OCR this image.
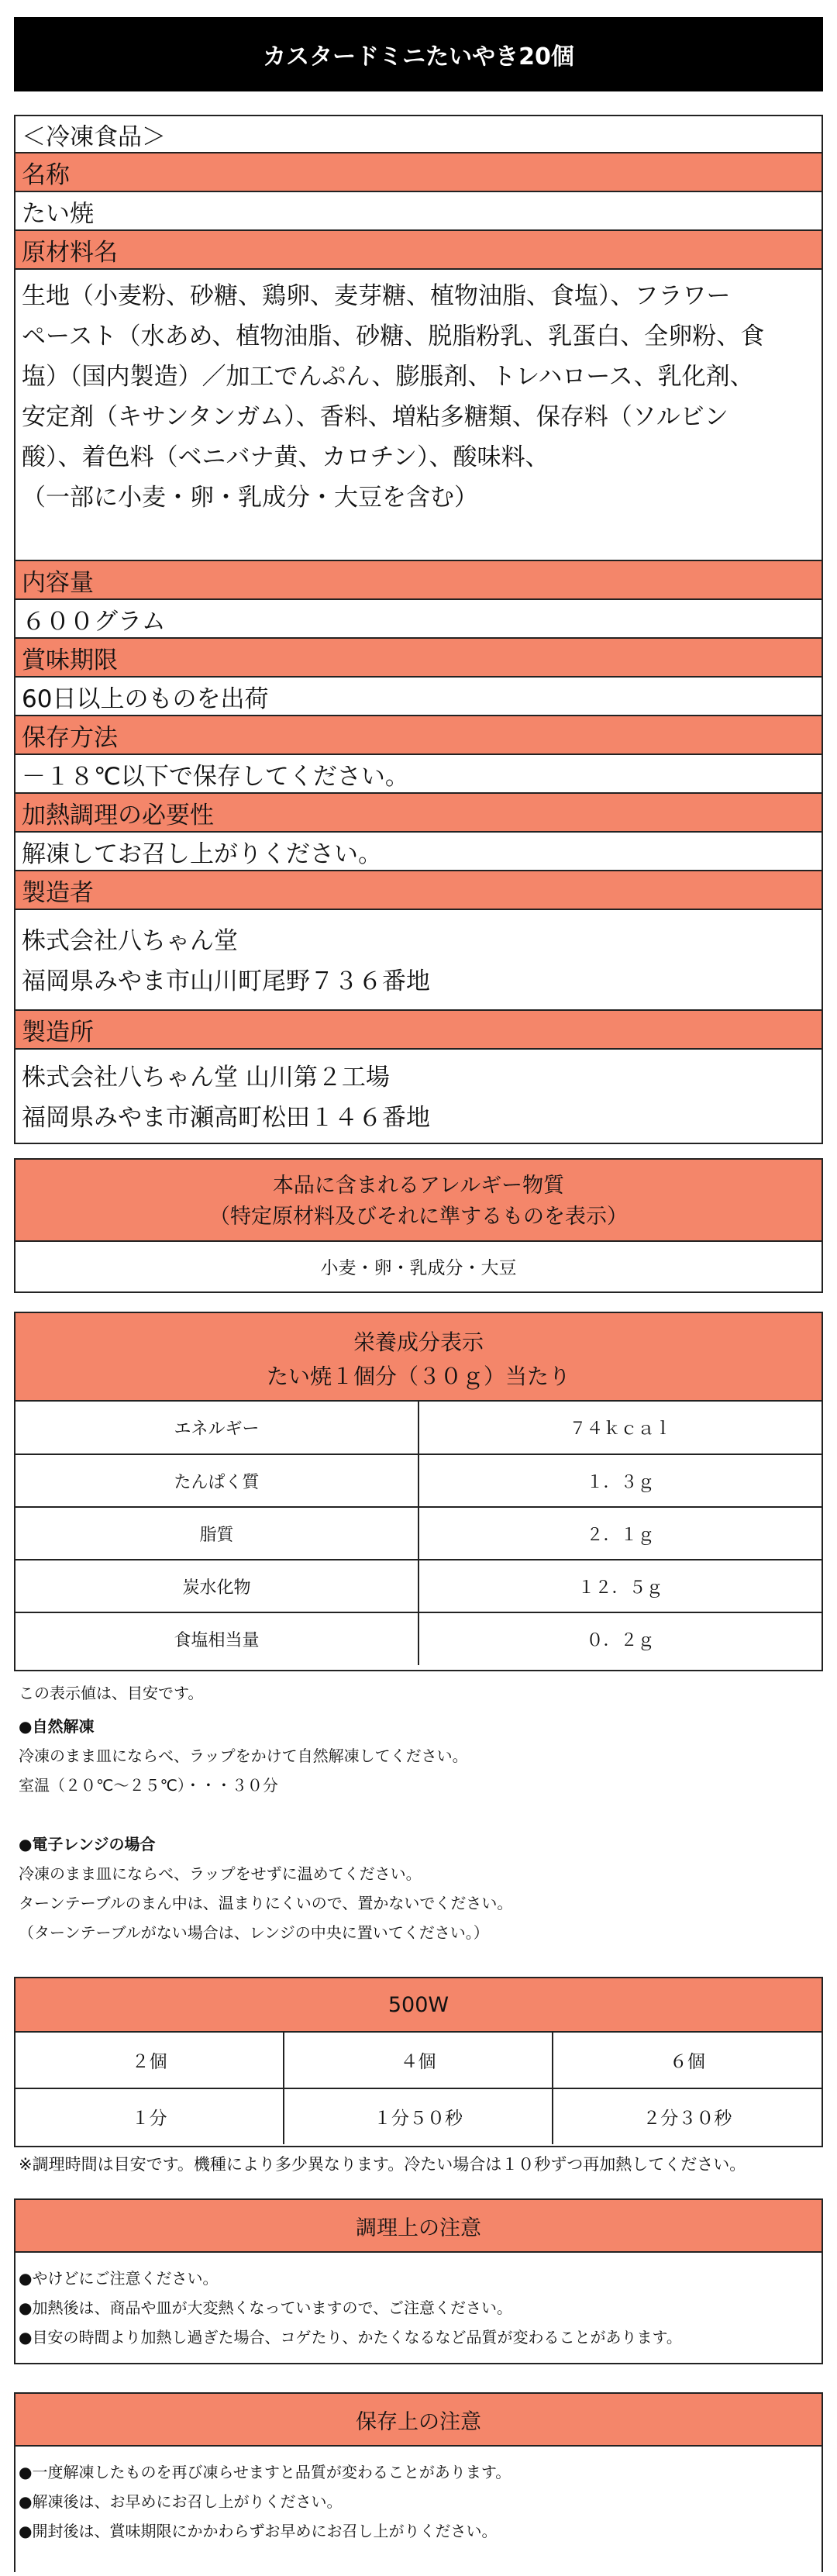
カスタードミニたいやき20個
＜冷凍食品＞
名称
たい焼
原材料名
生地（小麦粉、砂糖、鶏卵、麦芽糖、植物油脂、食塩）、フラワー
ペースト（水あめ、植物油脂、砂糖、脱脂粉乳、乳蛋白、全卵粉、食
塩）（国内製造）／加工でんぷん、膨脹剤、トレハロース、乳化剤、
安定剤（キサンタンガム）、香料、増粘多糖類、保存料（ソルビン
酸）、着色料（ベニバナ黄、カロチン）、酸味料、
（一部に小麦・卵・乳成分・大豆を含む）
内容量
６００グラム
賞味期限
60日以上のものを出荷
保存方法
－１８℃以下で保存してください。
加熱調理の必要性
解凍してお召し上がりください。
製造者
株式会社八ちゃん堂
福岡県みやま市山川町尾野７３６番地
製造所
株式会社八ちゃん堂 山川第２工場
福岡県みやま市瀬高町松田１４６番地
本品に含まれるアレルギー物質
（特定原材料及びそれに準するものを表示）
小麦・卵・乳成分・大豆
栄養成分表示
たい焼１個分（３０ｇ）当たり
エネルギー	７４ｋｃａｌ
たんぱく質	１．３ｇ
脂質	２．１ｇ
炭水化物	１２．５ｇ
食塩相当量	０．２ｇ
この表示値は、目安です。
●自然解凍
冷凍のまま皿にならべ、ラップをかけて自然解凍してください。
室温（２０℃～２５℃）・・・３０分
●電子レンジの場合
冷凍のまま皿にならべ、ラップをせずに温めてください。
ターンテーブルのまん中は、温まりにくいので、置かないでください。
（ターンテーブルがない場合は、レンジの中央に置いてください。）
500W
２個	４個	６個
１分	１分５０秒	２分３０秒
※調理時間は目安です。機種により多少異なります。冷たい場合は１０秒ずつ再加熱してください。
調理上の注意
●やけどにご注意ください。
●加熱後は、商品や皿が大変熱くなっていますので、ご注意ください。
●目安の時間より加熱し過ぎた場合、コゲたり、かたくなるなど品質が変わることがあります。
保存上の注意
●一度解凍したものを再び凍らせますと品質が変わることがあります。
●解凍後は、お早めにお召し上がりください。
●開封後は、賞味期限にかかわらずお早めにお召し上がりください。
